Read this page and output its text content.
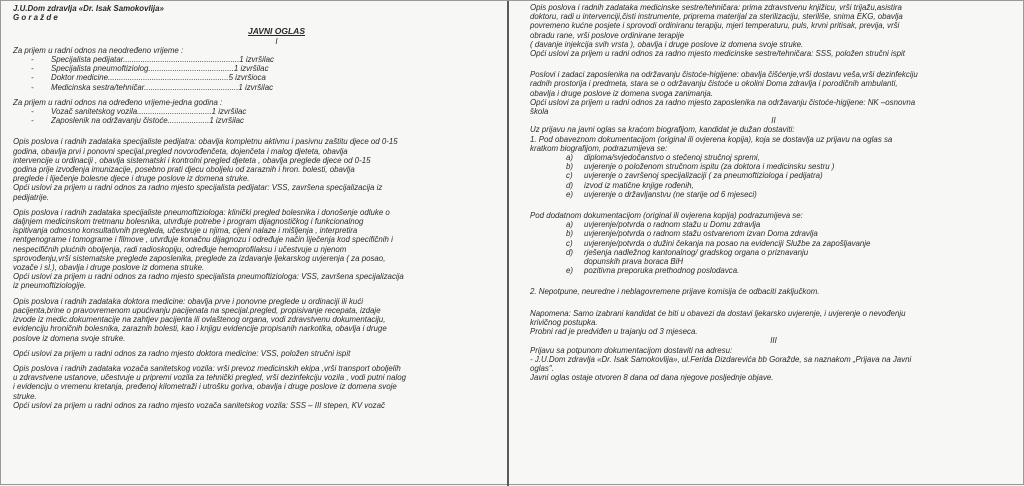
J.U.Dom zdravlja «Dr. Isak Samokovlija»

G o r a ž d e

JAVNI OGLAS

I

Za prijem u radni odnos na neodređeno vrijeme :

- Specijalista pedijatar.....................................................1 izvršilac
- Specijalista pneumoftiziolog.......................................1 izvršilac
- Doktor medicine.......................................................5 izvršioca
- Medicinska sestra/tehničar...........................................1 izvršilac

Za prijem u radni odnos na određeno vrijeme-jedna godina :

- Vozač sanitetskog vozila..................................1 izvršilac
- Zaposlenik na održavanju čistoće...................1 izvršilac

Opis poslova i radnih zadataka specijaliste pedijatra: obavlja kompletnu aktivnu i pasivnu zaštitu djece od 0-15

godina, obavlja prvi i ponovni specijal.pregled novorođenčeta, dojenčeta i malog djeteta, obavlja

intervencije u ordinaciji , obavlja sistematski i kontrolni pregled djeteta , obavlja preglede djece od 0-15

godina prije izvođenja imunizacije, posebno prati djecu oboljelu od zaraznih i hron. bolesti, obavlja

preglede i liječenje bolesne djece i druge poslove iz domena struke.

Opći uslovi za prijem u radni odnos za radno mjesto specijalista pedijatar: VSS, završena specijalizacija iz

pedijatrije.

Opis poslova i radnih zadataka specijaliste pneumoftiziologa: klinički pregled bolesnika i donošenje odluke o

daljnjem medicinskom tretmanu bolesnika, utvrđuje potrebe i program dijagnostičkog i funkcionalnog

ispitivanja odnosno konsultativnih pregleda, učestvuje u njima, cijeni nalaze i mišljenja , interpretira

rentgenograme i tomograme i filmove , utvrđuje konačnu dijagnozu i određuje način liječenja kod specifičnih i

nespecifičnih plućnih oboljenja, radi radioskopiju, određuje hemoprofilaksu i učestvuje u njenom

sprovođenju,vrši sistematske preglede zaposlenika, preglede za izdavanje ljekarskog uvjerenja ( za posao,

vozače i sl.), obavlja i druge poslove iz domena struke.

Opći uslovi za prijem u radni odnos za radno mjesto specijalista pneumoftiziologa: VSS, završena specijalizacija

iz pneumoftiziologije.

Opis poslova i radnih zadataka doktora medicine: obavlja prve i ponovne preglede u ordinaciji ili kući

pacijenta,brine o pravovremenom upućivanju pacijenata na specijal.pregled, propisivanje recepata, izdaje

izvode iz medic.dokumentacije na zahtjev pacijenta ili ovlaštenog organa, vodi zdravstvenu dokumentaciju,

evidenciju hroničnih bolesnika, zaraznih bolesti, kao i knjigu evidencije propisanih narkotika, obavlja i druge

poslove iz domena svoje struke.

Opći uslovi za prijem u radni odnos za radno mjesto doktora medicine: VSS, položen stručni ispit

Opis poslova i radnih zadataka vozača sanitetskog vozila: vrši prevoz medicinskih ekipa ,vrši transport oboljelih

u zdravstvene ustanove, učestvuje u pripremi vozila za tehnički pregled, vrši dezinfekciju vozila , vodi putni nalog

i evidenciju o vremenu kretanja, pređenoj kilometraži i utrošku goriva, obavlja i druge poslove iz domena svoje

struke.

Opći uslovi za prijem u radni odnos za radno mjesto vozača sanitetskog vozila: SSS – III stepen, KV vozač

Opis poslova i radnih zadataka medicinske sestre/tehničara: prima zdravstvenu knjižicu, vrši trijažu,asistira

doktoru, radi u intervenciji,čisti instrumente, priprema materijal za sterilizaciju, steriliše, snima EKG, obavlja

povremeno kućne posjete i sprovodi ordiniranu terapiju, mjeri temperaturu, puls, krvni pritisak, previja, vrši

obradu rane, vrši poslove ordinirane terapije

( davanje injekcija svih vrsta ), obavlja i druge poslove iz domena svoje struke.

Opći uslovi za prijem u radni odnos za radno mjesto medicinske sestre/tehničara: SSS, položen stručni ispit

Poslovi i zadaci zaposlenika na održavanju čistoće-higijene: obavlja čišćenje,vrši dostavu veša,vrši dezinfekciju

radnih prostorija i predmeta, stara se o održavanju čistoće u okolini Doma zdravlja i porodičnih ambulanti,

obavlja i druge poslove iz domena svoga zanimanja.

Opći uslovi za prijem u radni odnos za radno mjesto zaposlenika na održavanju čistoće-higijene: NK –osnovna

škola

II

Uz prijavu na javni oglas sa kraćom biografijom, kandidat je dužan dostaviti:

1. Pod obaveznom dokumentacijom (original ili ovjerena kopija), koja se dostavlja uz prijavu na oglas sa

kratkom biografijom, podrazumijeva se:

a)	diploma/svjedočanstvo o stečenoj stručnoj spremi,
b)	uvjerenje o položenom stručnom ispitu (za doktora i medicinsku sestru )
c)	uvjerenje o završenoj specijalizaciji ( za pneumoftiziologa i pedijatra)
d)	izvod iz matične knjige rođenih,
e)	uvjerenje o državljanstvu (ne starije od 6 mjeseci)

Pod dodatnom dokumentacijom (original ili ovjerena kopija) podrazumijeva se:

a)	uvjerenje/potvrda o radnom stažu u Domu zdravlja
b)	uvjerenje/potvrda o radnom stažu ostvarenom izvan Doma zdravlja
c)	uvjerenje/potvrda o dužini čekanja na posao na evidenciji Službe za zapošljavanje
d)	rješenja nadležnog kantonalnog/ gradskog organa o priznavanju

dopunskih prava boraca BiH

e)	pozitivna preporuka prethodnog poslodavca.

2. Nepotpune, neuredne i neblagovremene prijave komisija će odbaciti zaključkom.

Napomena: Samo izabrani kandidat će biti u obavezi da dostavi ljekarsko uvjerenje, i uvjerenje o nevođenju

krivičnog postupka.

Probni rad je predviđen u trajanju od 3 mjeseca.

III

Prijavu sa potpunom dokumentacijom dostaviti na adresu:

- J.U.Dom zdravlja «Dr. Isak Samokovlija», ul.Ferida Dizdarevića bb Goražde, sa naznakom „Prijava na Javni

oglas".

Javni oglas ostaje otvoren 8 dana od dana njegove posljednje objave.
